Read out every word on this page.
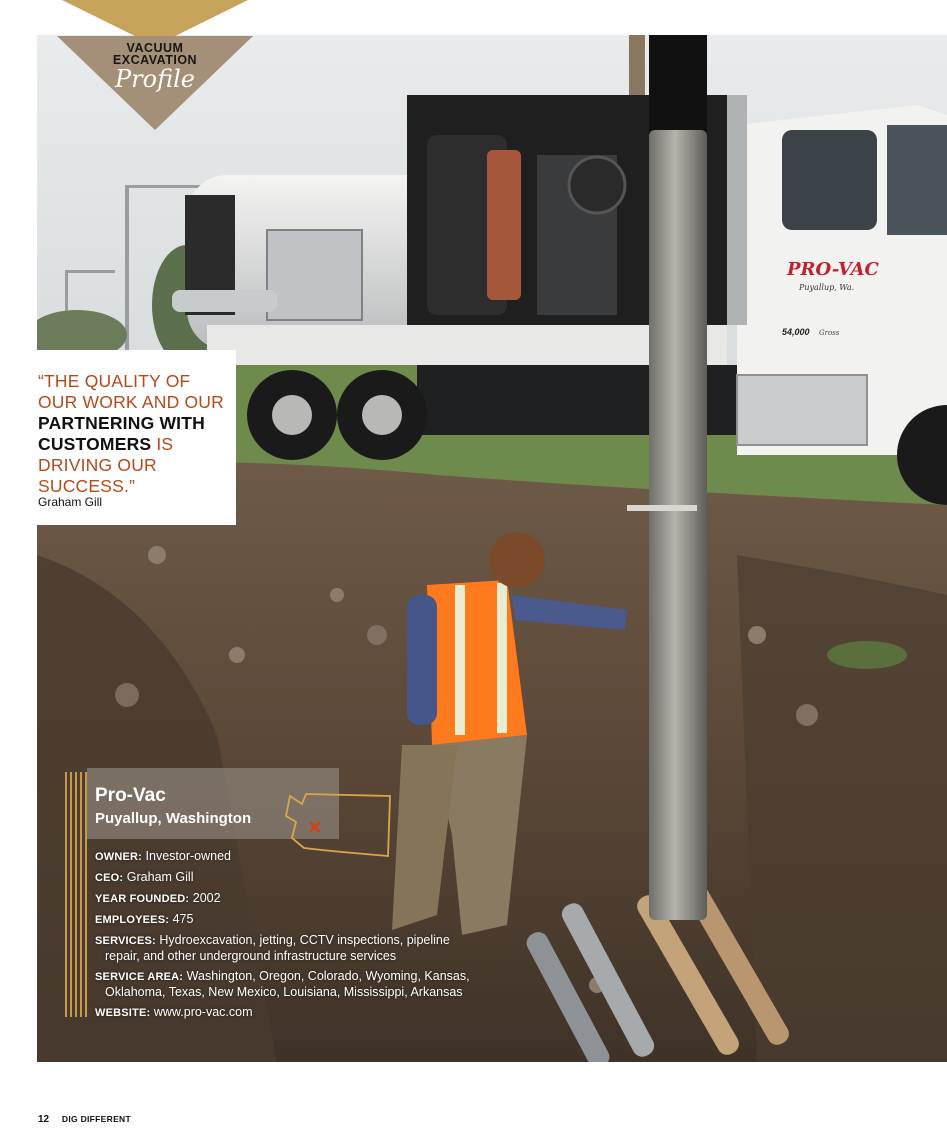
PRO-VAC
Puyallup, Wa.
54,000 Gross
VACUUM
EXCAVATION
Profile
“THE QUALITY OF OUR WORK AND OUR PARTNERING WITH CUSTOMERS IS DRIVING OUR SUCCESS.”
Graham Gill
Pro-Vac
Puyallup, Washington
OWNER: Investor-owned
CEO: Graham Gill
YEAR FOUNDED: 2002
EMPLOYEES: 475
SERVICES: Hydroexcavation, jetting, CCTV inspections, pipeline
repair, and other underground infrastructure services
SERVICE AREA: Washington, Oregon, Colorado, Wyoming, Kansas,
Oklahoma, Texas, New Mexico, Louisiana, Mississippi, Arkansas
WEBSITE: www.pro-vac.com
12 DIG DIFFERENT
